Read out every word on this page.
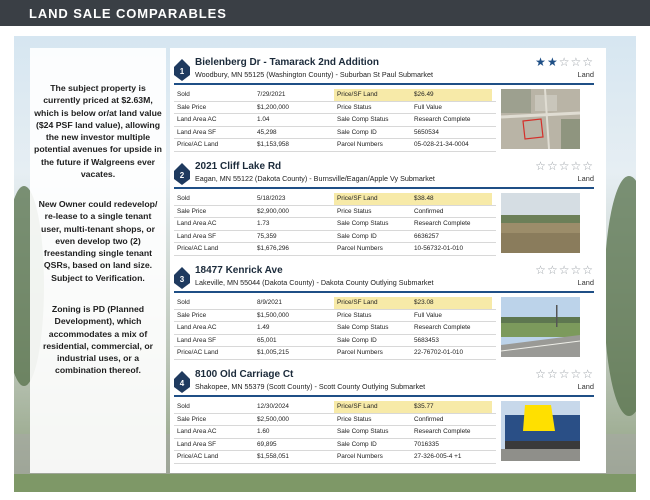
LAND SALE COMPARABLES
The subject property is currently priced at $2.63M, which is below or/at land value ($24 PSF land value), allowing the new investor multiple potential avenues for upside in the future if Walgreens ever vacates.
New Owner could redevelop/ re-lease to a single tenant user, multi-tenant shops, or even develop two (2) freestanding single tenant QSRs, based on land size. Subject to Verification.
Zoning is PD (Planned Development), which accommodates a mix of residential, commercial, or industrial uses, or a combination thereof.
1
Bielenberg Dr - Tamarack 2nd Addition
Woodbury, MN 55125 (Washington County) - Suburban St Paul Submarket
★★☆☆☆
Land
Sold	7/29/2021	Price/SF Land	$26.49
Sale Price	$1,200,000	Price Status	Full Value
Land Area AC	1.04	Sale Comp Status	Research Complete
Land Area SF	45,298	Sale Comp ID	5650534
Price/AC Land	$1,153,958	Parcel Numbers	05-028-21-34-0004
2
2021 Cliff Lake Rd
Eagan, MN 55122 (Dakota County) - Burnsville/Eagan/Apple Vy Submarket
☆☆☆☆☆
Land
Sold	5/18/2023	Price/SF Land	$38.48
Sale Price	$2,900,000	Price Status	Confirmed
Land Area AC	1.73	Sale Comp Status	Research Complete
Land Area SF	75,359	Sale Comp ID	6636257
Price/AC Land	$1,676,296	Parcel Numbers	10-56732-01-010
3
18477 Kenrick Ave
Lakeville, MN 55044 (Dakota County) - Dakota County Outlying Submarket
☆☆☆☆☆
Land
Sold	8/9/2021	Price/SF Land	$23.08
Sale Price	$1,500,000	Price Status	Full Value
Land Area AC	1.49	Sale Comp Status	Research Complete
Land Area SF	65,001	Sale Comp ID	5683453
Price/AC Land	$1,005,215	Parcel Numbers	22-76702-01-010
4
8100 Old Carriage Ct
Shakopee, MN 55379 (Scott County) - Scott County Outlying Submarket
☆☆☆☆☆
Land
Sold	12/30/2024	Price/SF Land	$35.77
Sale Price	$2,500,000	Price Status	Confirmed
Land Area AC	1.60	Sale Comp Status	Research Complete
Land Area SF	69,895	Sale Comp ID	7016335
Price/AC Land	$1,558,051	Parcel Numbers	27-326-005-4 +1
